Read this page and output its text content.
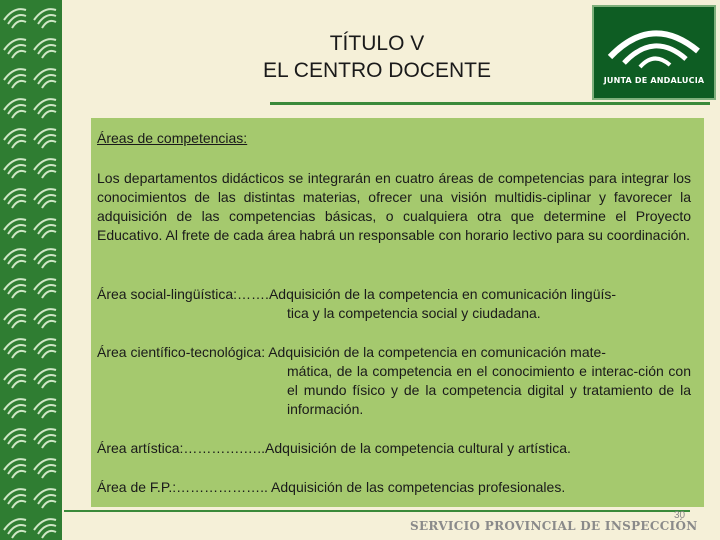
TÍTULO V
EL CENTRO DOCENTE	JUNTA DE ANDALUCIA
Áreas de competencias:
Los departamentos didácticos se integrarán en cuatro áreas de competencias para integrar los conocimientos de las distintas materias, ofrecer una visión multidis-ciplinar y favorecer la adquisición de las competencias básicas, o cualquiera otra que determine el Proyecto Educativo. Al frete de cada área habrá un responsable con horario lectivo para su coordinación.
Área social-lingüística:…….Adquisición de la competencia en comunicación lingüís-
tica y la competencia social y ciudadana.
Área científico-tecnológica: Adquisición de la competencia en comunicación mate-
mática, de la competencia en el conocimiento e interac-ción con el mundo físico y de la competencia digital y tratamiento de la información.
Área artística:………….…..Adquisición de la competencia cultural y artística.
Área de F.P.:……………….. Adquisición de las competencias profesionales.
SERVICIO PROVINCIAL DE INSPECCIÓN
30
